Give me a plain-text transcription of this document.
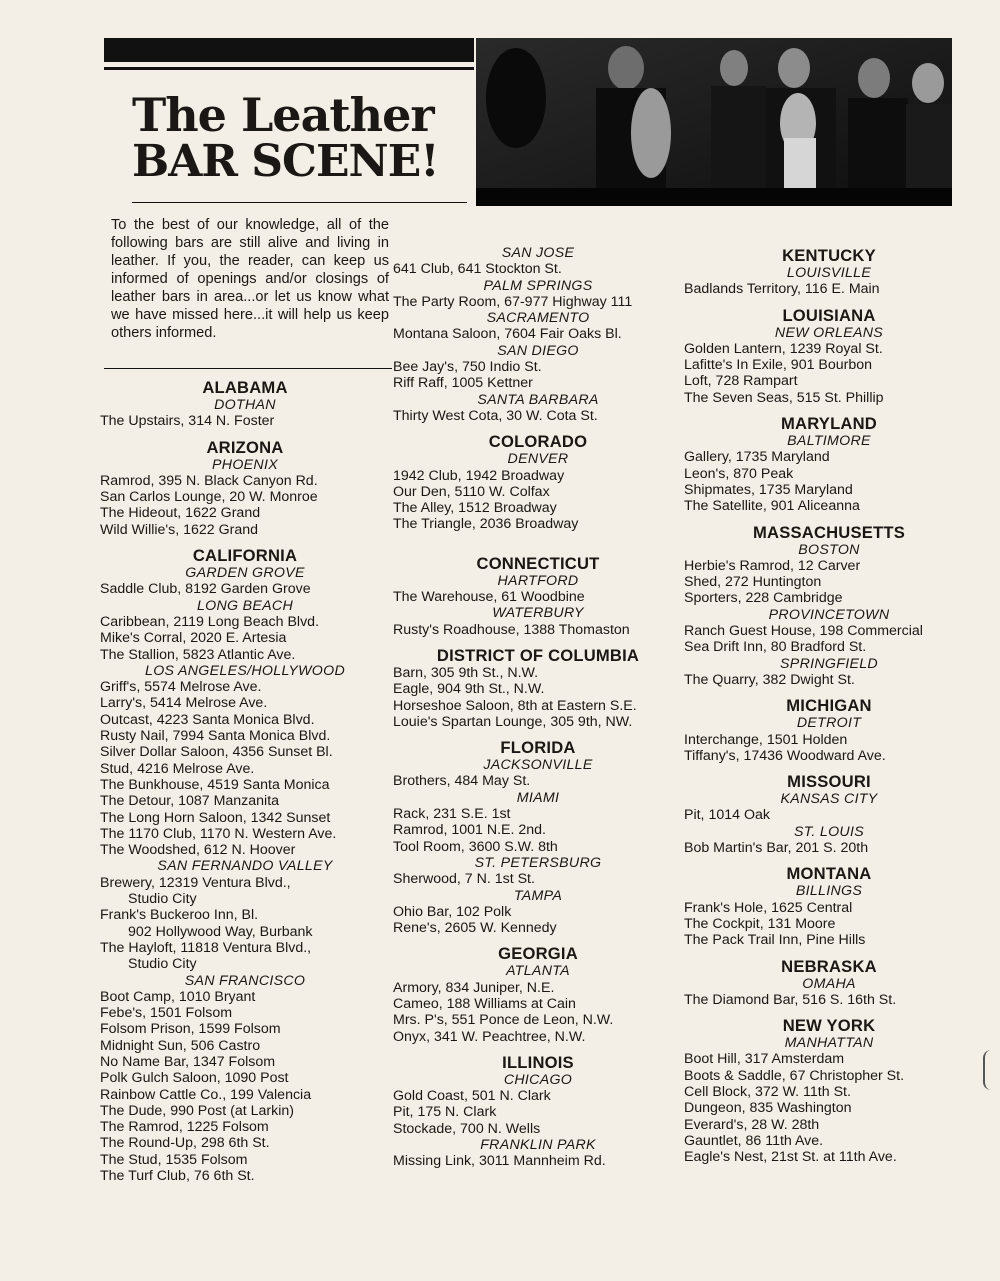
The Leather
BAR SCENE!

To the best of our knowledge, all of the following bars are still alive and living in leather. If you, the reader, can keep us informed of openings and/or closings of leather bars in area...or let us know what we have missed here...it will help us keep others informed.

ALABAMA
DOTHAN
The Upstairs, 314 N. Foster
ARIZONA
PHOENIX
Ramrod, 395 N. Black Canyon Rd.
San Carlos Lounge, 20 W. Monroe
The Hideout, 1622 Grand
Wild Willie's, 1622 Grand
CALIFORNIA
GARDEN GROVE
Saddle Club, 8192 Garden Grove
LONG BEACH
Caribbean, 2119 Long Beach Blvd.
Mike's Corral, 2020 E. Artesia
The Stallion, 5823 Atlantic Ave.
LOS ANGELES/HOLLYWOOD
Griff's, 5574 Melrose Ave.
Larry's, 5414 Melrose Ave.
Outcast, 4223 Santa Monica Blvd.
Rusty Nail, 7994 Santa Monica Blvd.
Silver Dollar Saloon, 4356 Sunset Bl.
Stud, 4216 Melrose Ave.
The Bunkhouse, 4519 Santa Monica
The Detour, 1087 Manzanita
The Long Horn Saloon, 1342 Sunset
The 1170 Club, 1170 N. Western Ave.
The Woodshed, 612 N. Hoover
SAN FERNANDO VALLEY
Brewery, 12319 Ventura Blvd.,
Studio City
Frank's Buckeroo Inn, Bl.
902 Hollywood Way, Burbank
The Hayloft, 11818 Ventura Blvd.,
Studio City
SAN FRANCISCO
Boot Camp, 1010 Bryant
Febe's, 1501 Folsom
Folsom Prison, 1599 Folsom
Midnight Sun, 506 Castro
No Name Bar, 1347 Folsom
Polk Gulch Saloon, 1090 Post
Rainbow Cattle Co., 199 Valencia
The Dude, 990 Post (at Larkin)
The Ramrod, 1225 Folsom
The Round-Up, 298 6th St.
The Stud, 1535 Folsom
The Turf Club, 76 6th St.
SAN JOSE
641 Club, 641 Stockton St.
PALM SPRINGS
The Party Room, 67-977 Highway 111
SACRAMENTO
Montana Saloon, 7604 Fair Oaks Bl.
SAN DIEGO
Bee Jay's, 750 Indio St.
Riff Raff, 1005 Kettner
SANTA BARBARA
Thirty West Cota, 30 W. Cota St.
COLORADO
DENVER
1942 Club, 1942 Broadway
Our Den, 5110 W. Colfax
The Alley, 1512 Broadway
The Triangle, 2036 Broadway
CONNECTICUT
HARTFORD
The Warehouse, 61 Woodbine
WATERBURY
Rusty's Roadhouse, 1388 Thomaston
DISTRICT OF COLUMBIA
Barn, 305 9th St., N.W.
Eagle, 904 9th St., N.W.
Horseshoe Saloon, 8th at Eastern S.E.
Louie's Spartan Lounge, 305 9th, NW.
FLORIDA
JACKSONVILLE
Brothers, 484 May St.
MIAMI
Rack, 231 S.E. 1st
Ramrod, 1001 N.E. 2nd.
Tool Room, 3600 S.W. 8th
ST. PETERSBURG
Sherwood, 7 N. 1st St.
TAMPA
Ohio Bar, 102 Polk
Rene's, 2605 W. Kennedy
GEORGIA
ATLANTA
Armory, 834 Juniper, N.E.
Cameo, 188 Williams at Cain
Mrs. P's, 551 Ponce de Leon, N.W.
Onyx, 341 W. Peachtree, N.W.
ILLINOIS
CHICAGO
Gold Coast, 501 N. Clark
Pit, 175 N. Clark
Stockade, 700 N. Wells
FRANKLIN PARK
Missing Link, 3011 Mannheim Rd.
KENTUCKY
LOUISVILLE
Badlands Territory, 116 E. Main
LOUISIANA
NEW ORLEANS
Golden Lantern, 1239 Royal St.
Lafitte's In Exile, 901 Bourbon
Loft, 728 Rampart
The Seven Seas, 515 St. Phillip
MARYLAND
BALTIMORE
Gallery, 1735 Maryland
Leon's, 870 Peak
Shipmates, 1735 Maryland
The Satellite, 901 Aliceanna
MASSACHUSETTS
BOSTON
Herbie's Ramrod, 12 Carver
Shed, 272 Huntington
Sporters, 228 Cambridge
PROVINCETOWN
Ranch Guest House, 198 Commercial
Sea Drift Inn, 80 Bradford St.
SPRINGFIELD
The Quarry, 382 Dwight St.
MICHIGAN
DETROIT
Interchange, 1501 Holden
Tiffany's, 17436 Woodward Ave.
MISSOURI
KANSAS CITY
Pit, 1014 Oak
ST. LOUIS
Bob Martin's Bar, 201 S. 20th
MONTANA
BILLINGS
Frank's Hole, 1625 Central
The Cockpit, 131 Moore
The Pack Trail Inn, Pine Hills
NEBRASKA
OMAHA
The Diamond Bar, 516 S. 16th St.
NEW YORK
MANHATTAN
Boot Hill, 317 Amsterdam
Boots & Saddle, 67 Christopher St.
Cell Block, 372 W. 11th St.
Dungeon, 835 Washington
Everard's, 28 W. 28th
Gauntlet, 86 11th Ave.
Eagle's Nest, 21st St. at 11th Ave.
